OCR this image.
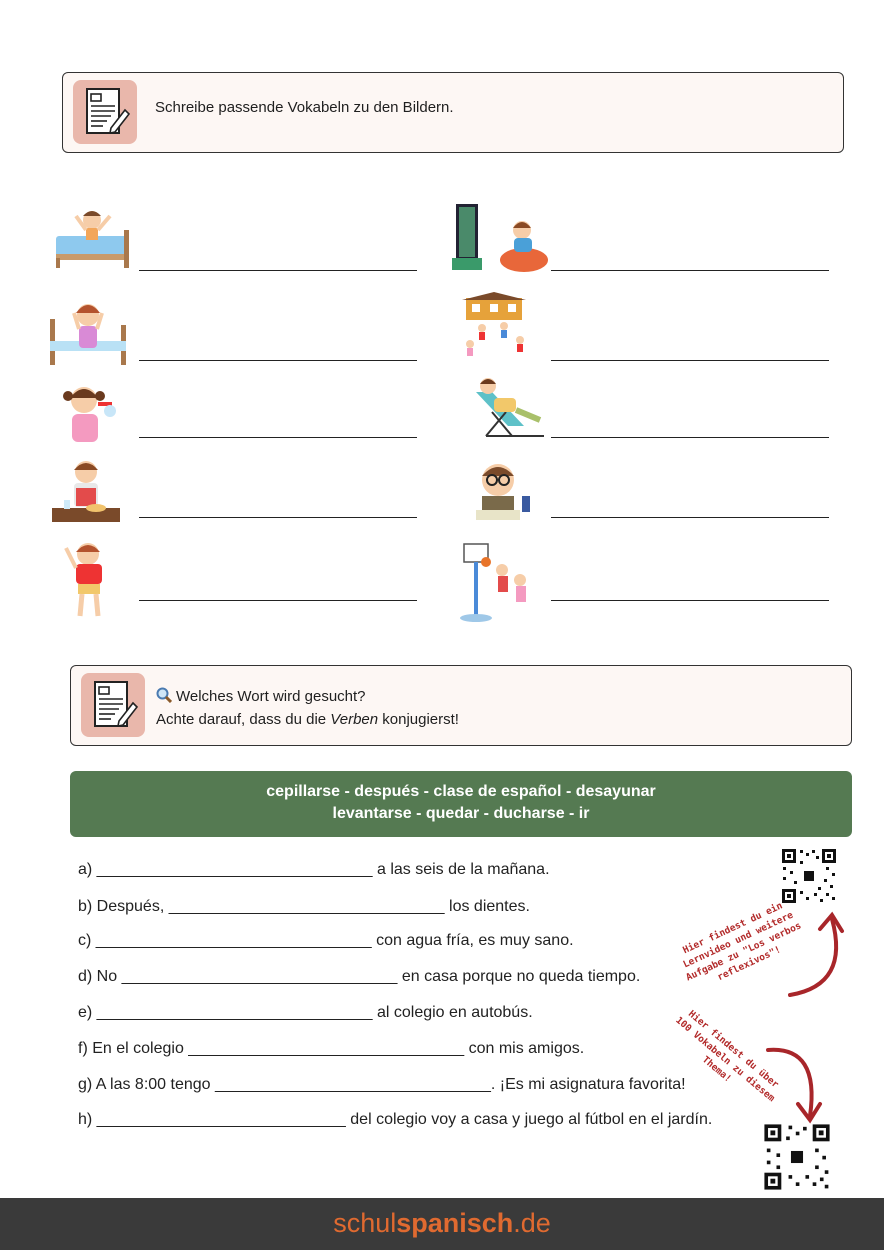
Schreibe passende Vokabeln zu den Bildern.
Welches Wort wird gesucht?
Achte darauf, dass du die Verben konjugierst!
cepillarse - después - clase de español - desayunar
levantarse - quedar - ducharse - ir
a) _______________________________ a las seis de la mañana.
b) Después, _______________________________ los dientes.
c) _______________________________ con agua fría, es muy sano.
d) No _______________________________ en casa porque no queda tiempo.
e) _______________________________ al colegio en autobús.
f) En el colegio _______________________________ con mis amigos.
g) A las 8:00 tengo _______________________________. ¡Es mi asignatura favorita!
h) ____________________________ del colegio voy a casa y juego al fútbol en el jardín.
Hier findest du ein Lernvideo und weitere Aufgabe zu "Los verbos reflexivos"!
Hier findest du über 100 Vokabeln zu diesem Thema!
schulspanisch.de
